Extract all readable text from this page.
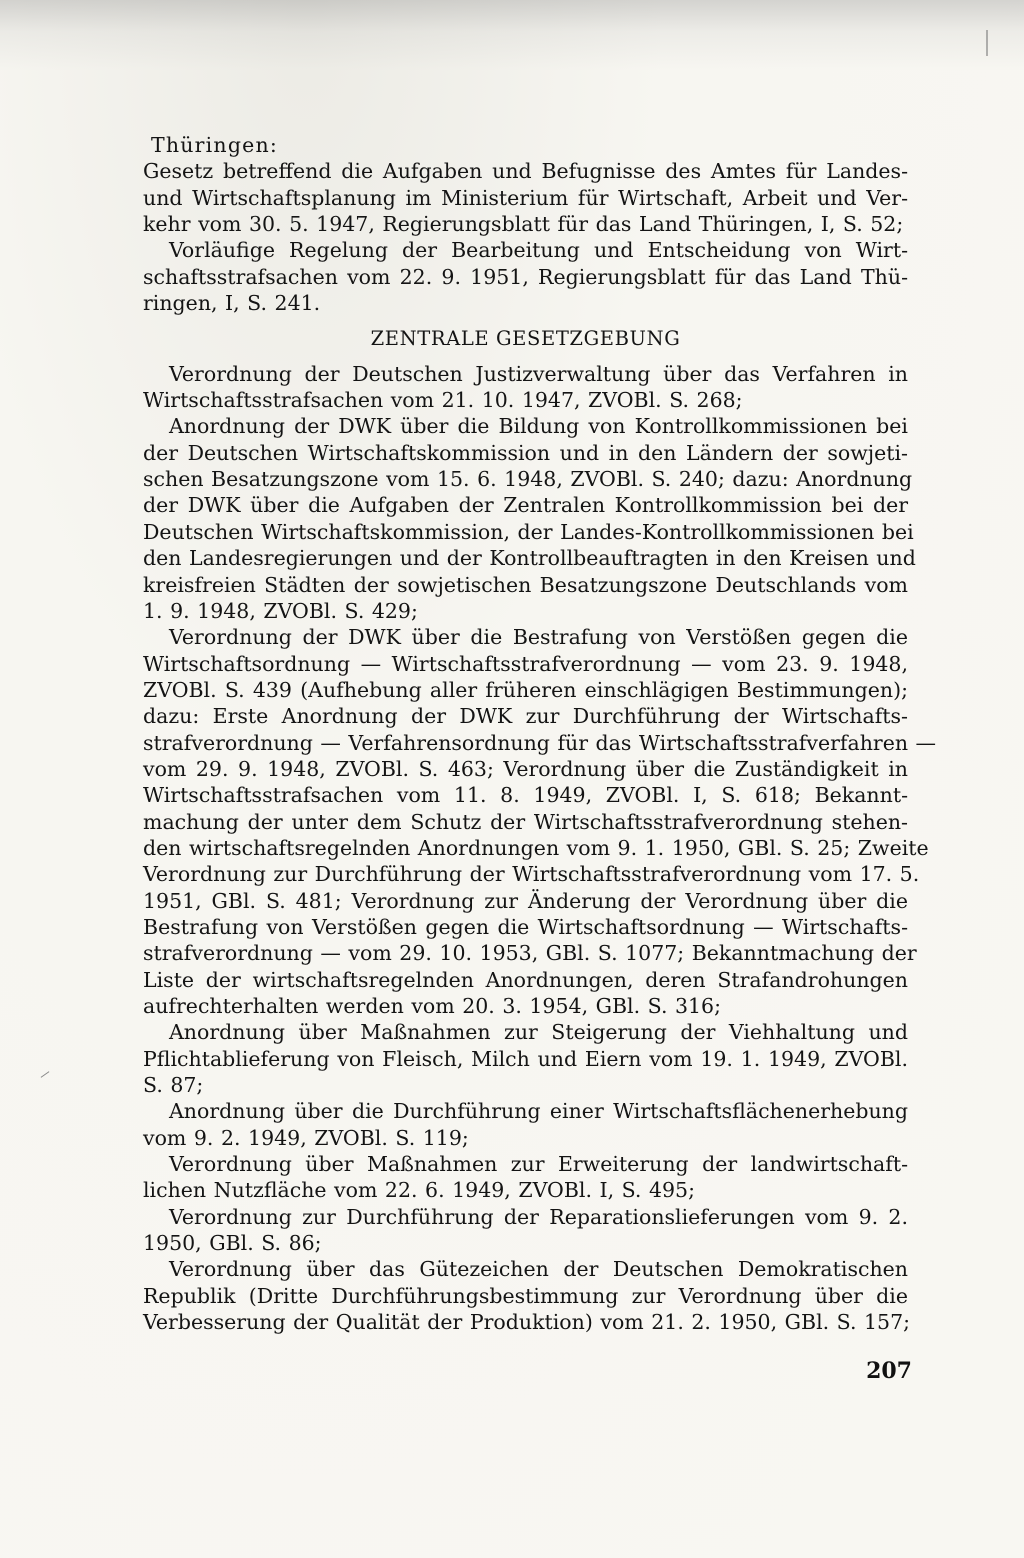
Thüringen:
Gesetz betreffend die Aufgaben und Befugnisse des Amtes für Landes-
und Wirtschaftsplanung im Ministerium für Wirtschaft, Arbeit und Ver-
kehr vom 30. 5. 1947, Regierungsblatt für das Land Thüringen, I, S. 52;
Vorläufige Regelung der Bearbeitung und Entscheidung von Wirt-
schaftsstrafsachen vom 22. 9. 1951, Regierungsblatt für das Land Thü-
ringen, I, S. 241.
ZENTRALE GESETZGEBUNG
Verordnung der Deutschen Justizverwaltung über das Verfahren in
Wirtschaftsstrafsachen vom 21. 10. 1947, ZVOBl. S. 268;
Anordnung der DWK über die Bildung von Kontrollkommissionen bei
der Deutschen Wirtschaftskommission und in den Ländern der sowjeti-
schen Besatzungszone vom 15. 6. 1948, ZVOBl. S. 240; dazu: Anordnung
der DWK über die Aufgaben der Zentralen Kontrollkommission bei der
Deutschen Wirtschaftskommission, der Landes-Kontrollkommissionen bei
den Landesregierungen und der Kontrollbeauftragten in den Kreisen und
kreisfreien Städten der sowjetischen Besatzungszone Deutschlands vom
1. 9. 1948, ZVOBl. S. 429;
Verordnung der DWK über die Bestrafung von Verstößen gegen die
Wirtschaftsordnung — Wirtschaftsstrafverordnung — vom 23. 9. 1948,
ZVOBl. S. 439 (Aufhebung aller früheren einschlägigen Bestimmungen);
dazu: Erste Anordnung der DWK zur Durchführung der Wirtschafts-
strafverordnung — Verfahrensordnung für das Wirtschaftsstrafverfahren —
vom 29. 9. 1948, ZVOBl. S. 463; Verordnung über die Zuständigkeit in
Wirtschaftsstrafsachen vom 11. 8. 1949, ZVOBl. I, S. 618; Bekannt-
machung der unter dem Schutz der Wirtschaftsstrafverordnung stehen-
den wirtschaftsregelnden Anordnungen vom 9. 1. 1950, GBl. S. 25; Zweite
Verordnung zur Durchführung der Wirtschaftsstrafverordnung vom 17. 5.
1951, GBl. S. 481; Verordnung zur Änderung der Verordnung über die
Bestrafung von Verstößen gegen die Wirtschaftsordnung — Wirtschafts-
strafverordnung — vom 29. 10. 1953, GBl. S. 1077; Bekanntmachung der
Liste der wirtschaftsregelnden Anordnungen, deren Strafandrohungen
aufrechterhalten werden vom 20. 3. 1954, GBl. S. 316;
Anordnung über Maßnahmen zur Steigerung der Viehhaltung und
Pflichtablieferung von Fleisch, Milch und Eiern vom 19. 1. 1949, ZVOBl.
S. 87;
Anordnung über die Durchführung einer Wirtschaftsflächenerhebung
vom 9. 2. 1949, ZVOBl. S. 119;
Verordnung über Maßnahmen zur Erweiterung der landwirtschaft-
lichen Nutzfläche vom 22. 6. 1949, ZVOBl. I, S. 495;
Verordnung zur Durchführung der Reparationslieferungen vom 9. 2.
1950, GBl. S. 86;
Verordnung über das Gütezeichen der Deutschen Demokratischen
Republik (Dritte Durchführungsbestimmung zur Verordnung über die
Verbesserung der Qualität der Produktion) vom 21. 2. 1950, GBl. S. 157;
207
